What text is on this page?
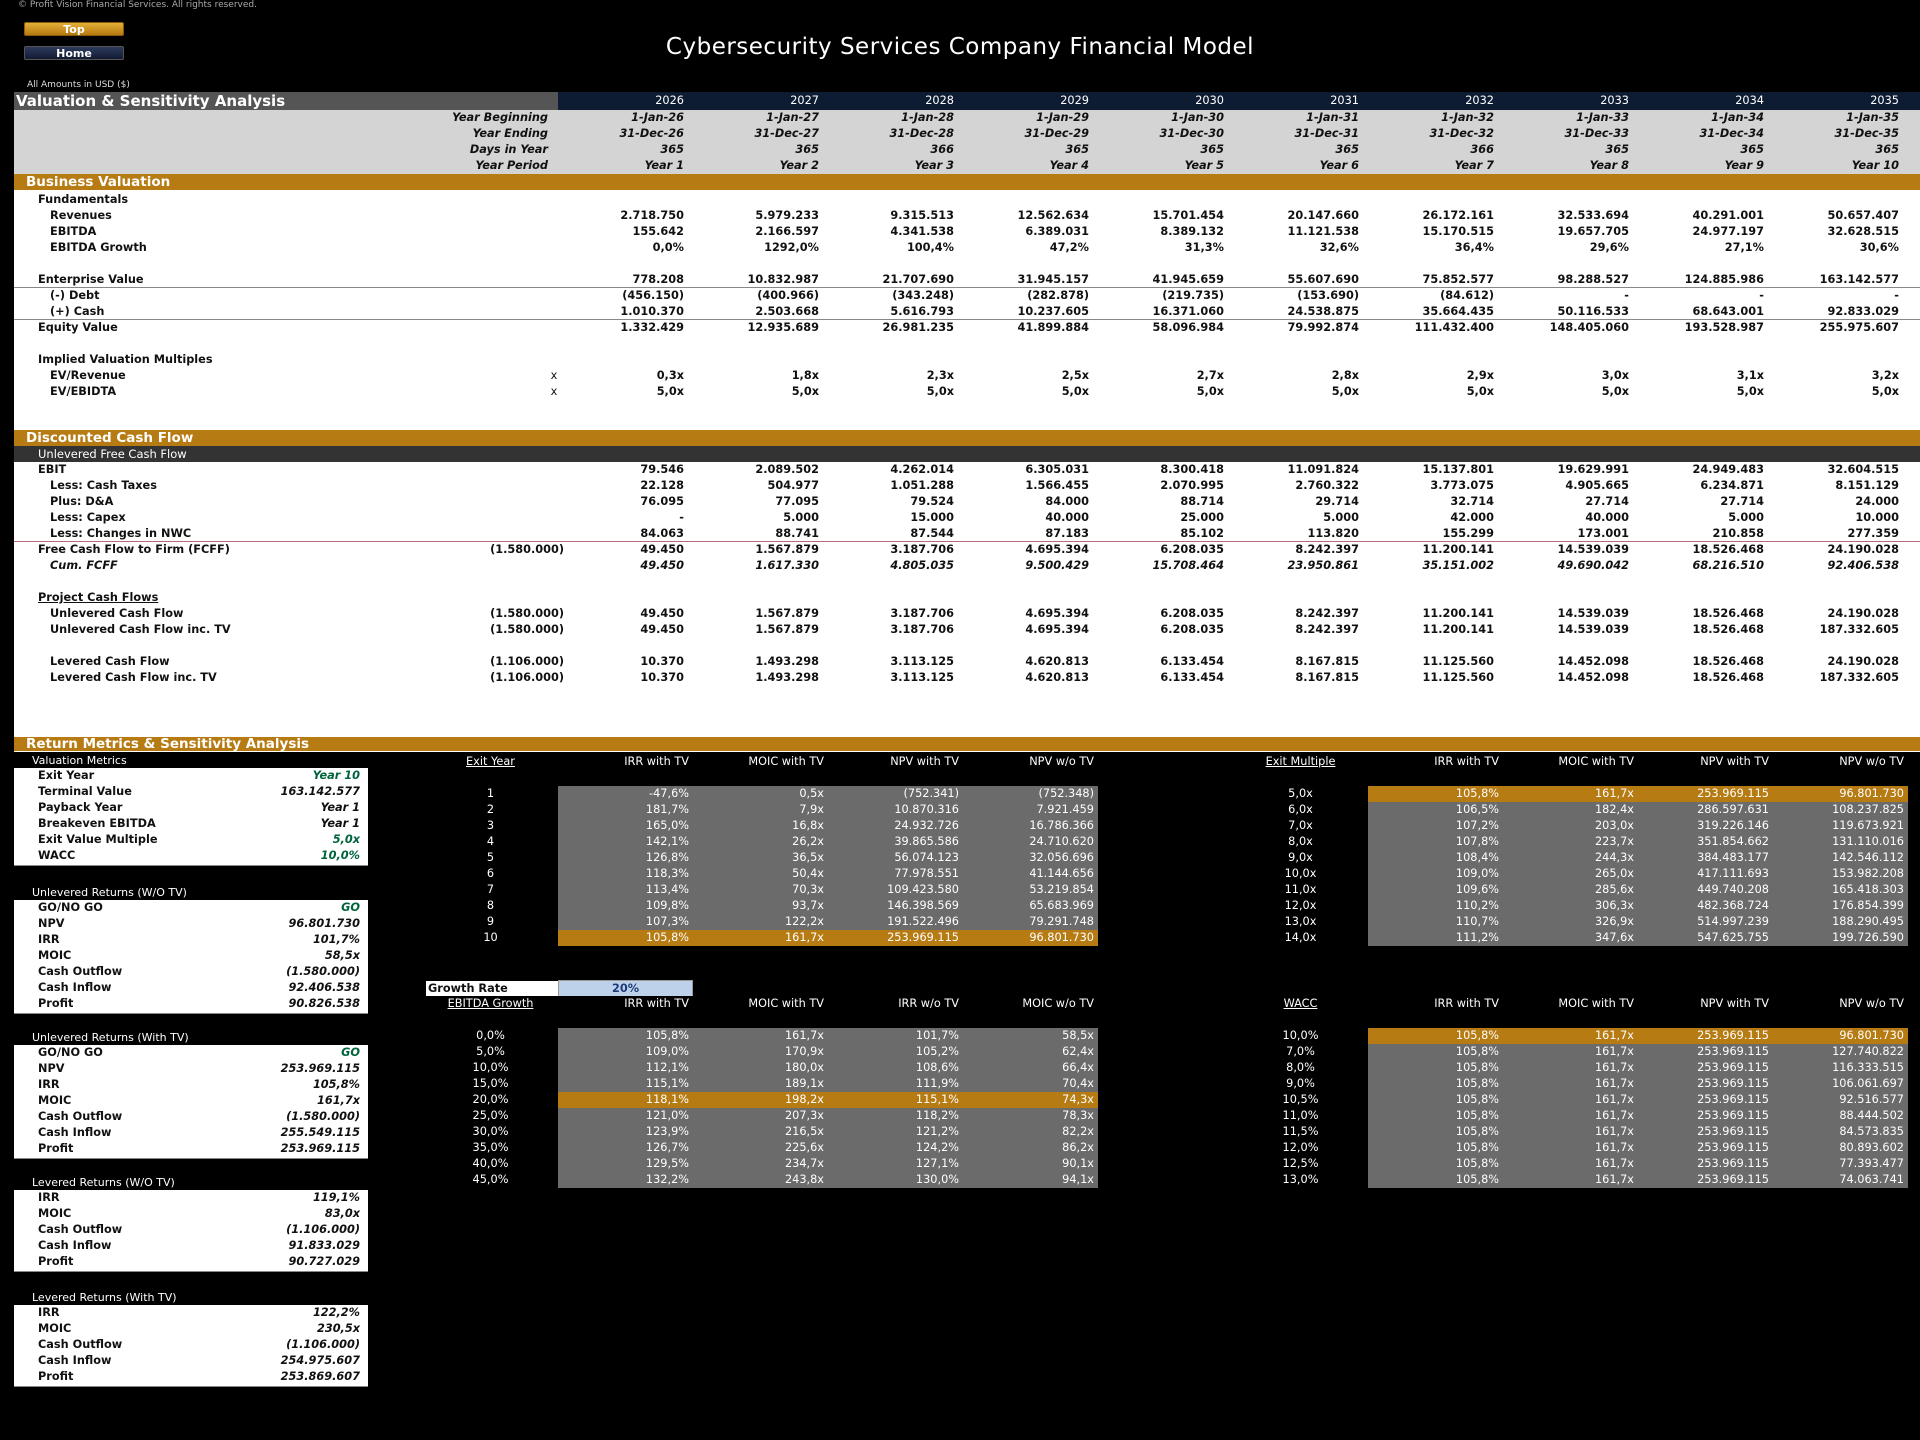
© Profit Vision Financial Services. All rights reserved.
Top
Home	Cybersecurity Services Company Financial Model
All Amounts in USD ($)
Valuation & Sensitivity Analysis	2026	2027	2028	2029	2030	2031	2032	2033	2034	2035
Year Beginning	1-Jan-26	1-Jan-27	1-Jan-28	1-Jan-29	1-Jan-30	1-Jan-31	1-Jan-32	1-Jan-33	1-Jan-34	1-Jan-35
Year Ending	31-Dec-26	31-Dec-27	31-Dec-28	31-Dec-29	31-Dec-30	31-Dec-31	31-Dec-32	31-Dec-33	31-Dec-34	31-Dec-35
Days in Year	365	365	366	365	365	365	366	365	365	365
Year Period	Year 1	Year 2	Year 3	Year 4	Year 5	Year 6	Year 7	Year 8	Year 9	Year 10
Business Valuation
Fundamentals
Revenues	2.718.750	5.979.233	9.315.513	12.562.634	15.701.454	20.147.660	26.172.161	32.533.694	40.291.001	50.657.407
EBITDA	155.642	2.166.597	4.341.538	6.389.031	8.389.132	11.121.538	15.170.515	19.657.705	24.977.197	32.628.515
EBITDA Growth	0,0%	1292,0%	100,4%	47,2%	31,3%	32,6%	36,4%	29,6%	27,1%	30,6%
Enterprise Value	778.208	10.832.987	21.707.690	31.945.157	41.945.659	55.607.690	75.852.577	98.288.527	124.885.986	163.142.577
(-) Debt	(456.150)	(400.966)	(343.248)	(282.878)	(219.735)	(153.690)	(84.612)	-	-	-
(+) Cash	1.010.370	2.503.668	5.616.793	10.237.605	16.371.060	24.538.875	35.664.435	50.116.533	68.643.001	92.833.029
Equity Value	1.332.429	12.935.689	26.981.235	41.899.884	58.096.984	79.992.874	111.432.400	148.405.060	193.528.987	255.975.607
Implied Valuation Multiples
EV/Revenue	x	0,3x	1,8x	2,3x	2,5x	2,7x	2,8x	2,9x	3,0x	3,1x	3,2x
EV/EBIDTA	x	5,0x	5,0x	5,0x	5,0x	5,0x	5,0x	5,0x	5,0x	5,0x	5,0x
Discounted Cash Flow
Unlevered Free Cash Flow
EBIT	79.546	2.089.502	4.262.014	6.305.031	8.300.418	11.091.824	15.137.801	19.629.991	24.949.483	32.604.515
Less: Cash Taxes	22.128	504.977	1.051.288	1.566.455	2.070.995	2.760.322	3.773.075	4.905.665	6.234.871	8.151.129
Plus: D&A	76.095	77.095	79.524	84.000	88.714	29.714	32.714	27.714	27.714	24.000
Less: Capex	-	5.000	15.000	40.000	25.000	5.000	42.000	40.000	5.000	10.000
Less: Changes in NWC	84.063	88.741	87.544	87.183	85.102	113.820	155.299	173.001	210.858	277.359
Free Cash Flow to Firm (FCFF)	(1.580.000)	49.450	1.567.879	3.187.706	4.695.394	6.208.035	8.242.397	11.200.141	14.539.039	18.526.468	24.190.028
Cum. FCFF	49.450	1.617.330	4.805.035	9.500.429	15.708.464	23.950.861	35.151.002	49.690.042	68.216.510	92.406.538
Project Cash Flows
Unlevered Cash Flow	(1.580.000)	49.450	1.567.879	3.187.706	4.695.394	6.208.035	8.242.397	11.200.141	14.539.039	18.526.468	24.190.028
Unlevered Cash Flow inc. TV	(1.580.000)	49.450	1.567.879	3.187.706	4.695.394	6.208.035	8.242.397	11.200.141	14.539.039	18.526.468	187.332.605
Levered Cash Flow	(1.106.000)	10.370	1.493.298	3.113.125	4.620.813	6.133.454	8.167.815	11.125.560	14.452.098	18.526.468	24.190.028
Levered Cash Flow inc. TV	(1.106.000)	10.370	1.493.298	3.113.125	4.620.813	6.133.454	8.167.815	11.125.560	14.452.098	18.526.468	187.332.605
Return Metrics & Sensitivity Analysis
Valuation Metrics
Exit Year	Year 10
Terminal Value	163.142.577
Payback Year	Year 1
Breakeven EBITDA	Year 1
Exit Value Multiple	5,0x
WACC	10,0%
Unlevered Returns (W/O TV)
GO/NO GO	GO
NPV	96.801.730
IRR	101,7%
MOIC	58,5x
Cash Outflow	(1.580.000)
Cash Inflow	92.406.538
Profit	90.826.538
Unlevered Returns (With TV)
GO/NO GO	GO
NPV	253.969.115
IRR	105,8%
MOIC	161,7x
Cash Outflow	(1.580.000)
Cash Inflow	255.549.115
Profit	253.969.115
Levered Returns (W/O TV)
IRR	119,1%
MOIC	83,0x
Cash Outflow	(1.106.000)
Cash Inflow	91.833.029
Profit	90.727.029
Levered Returns (With TV)
IRR	122,2%
MOIC	230,5x
Cash Outflow	(1.106.000)
Cash Inflow	254.975.607
Profit	253.869.607
Growth Rate	20%
Exit Year	IRR with TV	MOIC with TV	NPV with TV	NPV w/o TV
1	-47,6%	0,5x	(752.341)	(752.348)
2	181,7%	7,9x	10.870.316	7.921.459
3	165,0%	16,8x	24.932.726	16.786.366
4	142,1%	26,2x	39.865.586	24.710.620
5	126,8%	36,5x	56.074.123	32.056.696
6	118,3%	50,4x	77.978.551	41.144.656
7	113,4%	70,3x	109.423.580	53.219.854
8	109,8%	93,7x	146.398.569	65.683.969
9	107,3%	122,2x	191.522.496	79.291.748
10	105,8%	161,7x	253.969.115	96.801.730
Exit Multiple	IRR with TV	MOIC with TV	NPV with TV	NPV w/o TV
5,0x	105,8%	161,7x	253.969.115	96.801.730
6,0x	106,5%	182,4x	286.597.631	108.237.825
7,0x	107,2%	203,0x	319.226.146	119.673.921
8,0x	107,8%	223,7x	351.854.662	131.110.016
9,0x	108,4%	244,3x	384.483.177	142.546.112
10,0x	109,0%	265,0x	417.111.693	153.982.208
11,0x	109,6%	285,6x	449.740.208	165.418.303
12,0x	110,2%	306,3x	482.368.724	176.854.399
13,0x	110,7%	326,9x	514.997.239	188.290.495
14,0x	111,2%	347,6x	547.625.755	199.726.590
EBITDA Growth	IRR with TV	MOIC with TV	IRR w/o TV	MOIC w/o TV
0,0%	105,8%	161,7x	101,7%	58,5x
5,0%	109,0%	170,9x	105,2%	62,4x
10,0%	112,1%	180,0x	108,6%	66,4x
15,0%	115,1%	189,1x	111,9%	70,4x
20,0%	118,1%	198,2x	115,1%	74,3x
25,0%	121,0%	207,3x	118,2%	78,3x
30,0%	123,9%	216,5x	121,2%	82,2x
35,0%	126,7%	225,6x	124,2%	86,2x
40,0%	129,5%	234,7x	127,1%	90,1x
45,0%	132,2%	243,8x	130,0%	94,1x
WACC	IRR with TV	MOIC with TV	NPV with TV	NPV w/o TV
10,0%	105,8%	161,7x	253.969.115	96.801.730
7,0%	105,8%	161,7x	253.969.115	127.740.822
8,0%	105,8%	161,7x	253.969.115	116.333.515
9,0%	105,8%	161,7x	253.969.115	106.061.697
10,5%	105,8%	161,7x	253.969.115	92.516.577
11,0%	105,8%	161,7x	253.969.115	88.444.502
11,5%	105,8%	161,7x	253.969.115	84.573.835
12,0%	105,8%	161,7x	253.969.115	80.893.602
12,5%	105,8%	161,7x	253.969.115	77.393.477
13,0%	105,8%	161,7x	253.969.115	74.063.741
